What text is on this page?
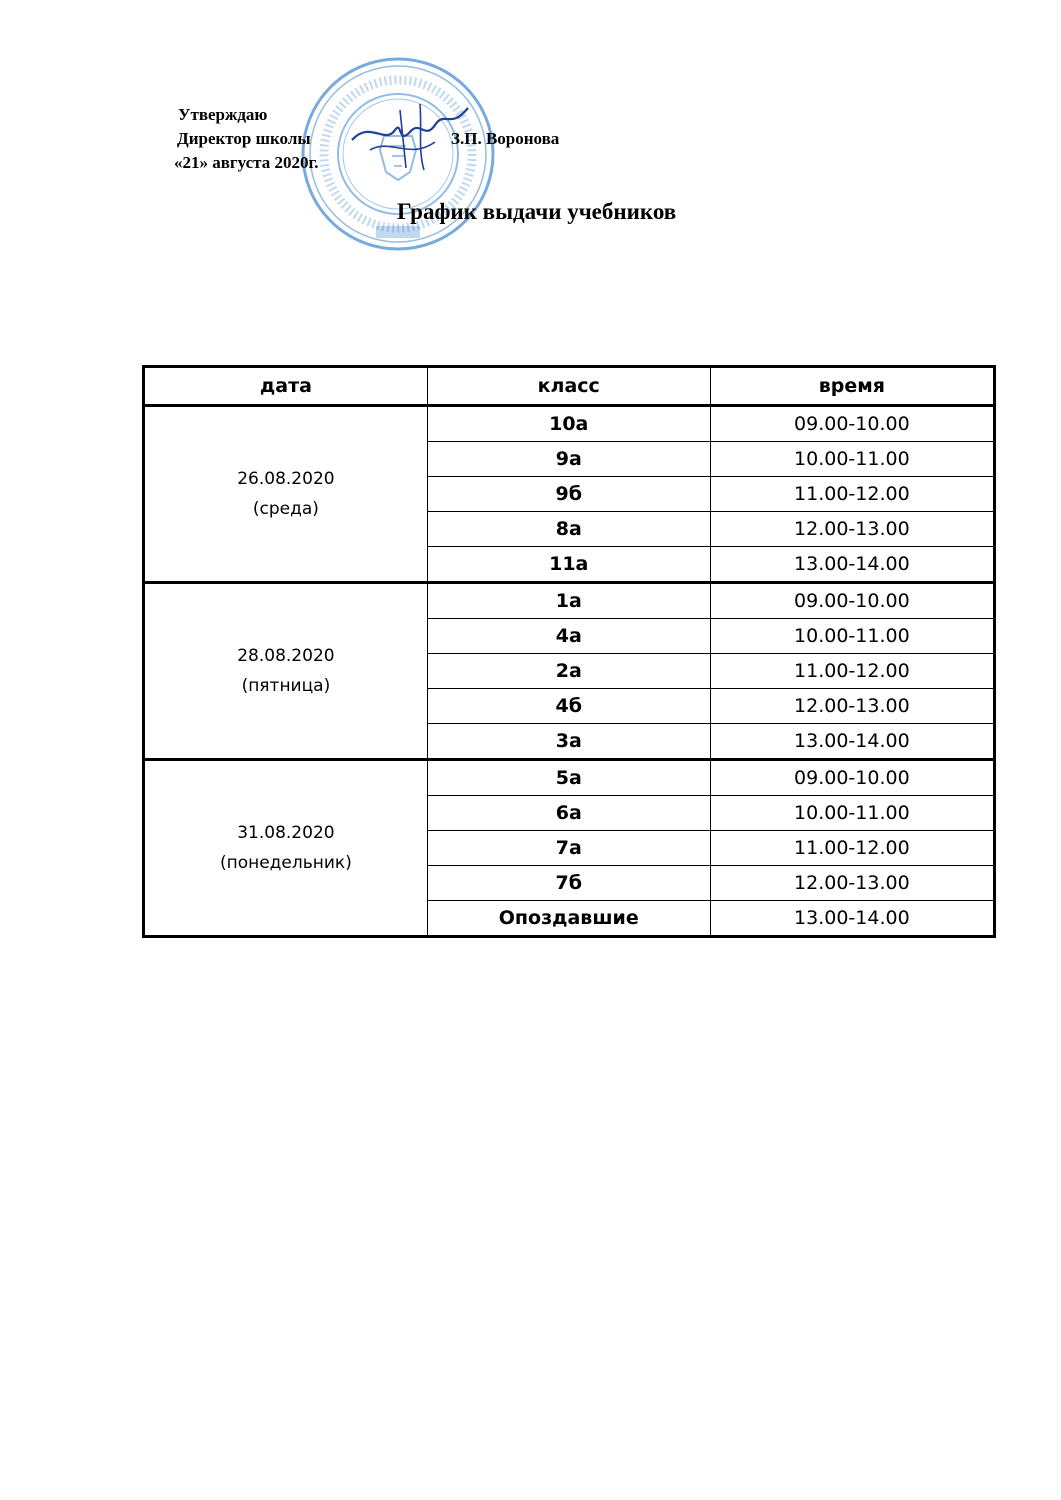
Утверждаю
Директор школы	З.П. Воронова
«21» августа 2020г.
График выдачи учебников
дата	класс	время

26.08.2020
(среда)	10а	09.00-10.00
	9а	10.00-11.00
	9б	11.00-12.00
	8а	12.00-13.00
	11а	13.00-14.00

28.08.2020
(пятница)	1а	09.00-10.00
	4а	10.00-11.00
	2а	11.00-12.00
	4б	12.00-13.00
	3а	13.00-14.00

31.08.2020
(понедельник)	5а	09.00-10.00
	6а	10.00-11.00
	7а	11.00-12.00
	7б	12.00-13.00
	Опоздавшие	13.00-14.00
